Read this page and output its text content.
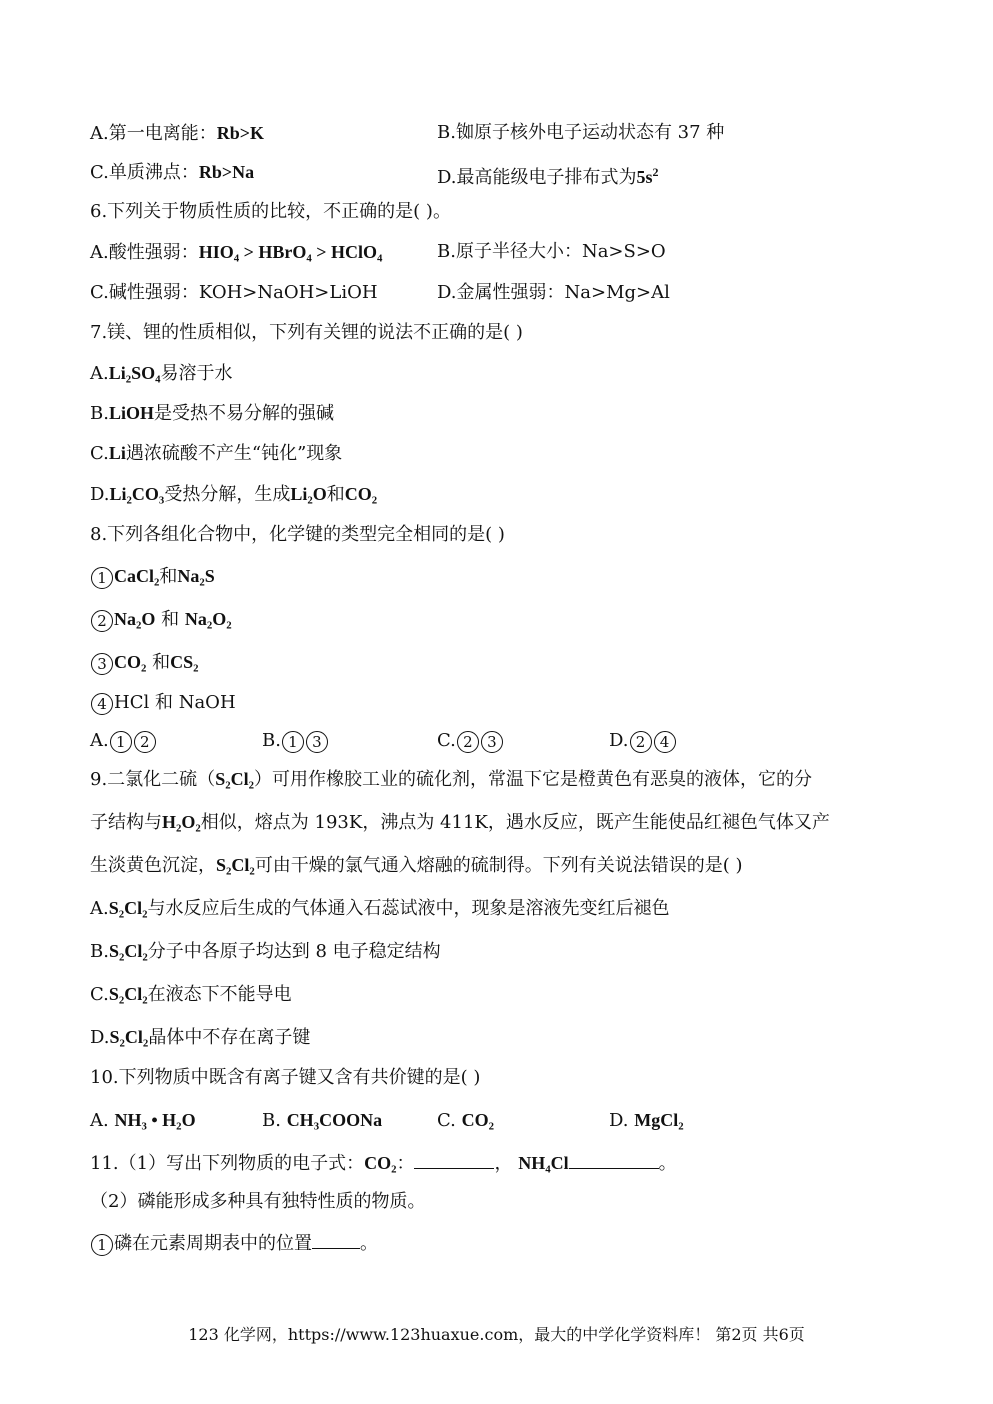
A.第一电离能：Rb>K	B.铷原子核外电子运动状态有 37 种
C.单质沸点：Rb>Na	D.最高能级电子排布式为$5s^2$
6.下列关于物质性质的比较，不正确的是( )。
A.酸性强弱：HIO₄ > HBrO₄ > HClO₄	B.原子半径大小：Na>S>O
C.碱性强弱：KOH>NaOH>LiOH	D.金属性强弱：Na>Mg>Al
7.镁、锂的性质相似，下列有关锂的说法不正确的是( )
A.Li₂SO₄易溶于水
B.LiOH是受热不易分解的强碱
C.Li遇浓硫酸不产生“钝化”现象
D.Li₂CO₃受热分解，生成Li₂O和CO₂
8.下列各组化合物中，化学键的类型完全相同的是( )
1 CaCl₂和Na₂S
2 Na₂O 和 Na₂O₂
3 CO₂ 和CS₂
4 HCl 和 NaOH
A. 1 2	B. 1 3	C. 2 3	D. 2 4
9.二氯化二硫（S₂Cl₂）可用作橡胶工业的硫化剂，常温下它是橙黄色有恶臭的液体，它的分
子结构与H₂O₂相似，熔点为 193K，沸点为 411K，遇水反应，既产生能使品红褪色气体又产
生淡黄色沉淀，S₂Cl₂可由干燥的氯气通入熔融的硫制得。下列有关说法错误的是( )
A.S₂Cl₂与水反应后生成的气体通入石蕊试液中，现象是溶液先变红后褪色
B.S₂Cl₂分子中各原子均达到 8 电子稳定结构
C.S₂Cl₂在液态下不能导电
D.S₂Cl₂晶体中不存在离子键
10.下列物质中既含有离子键又含有共价键的是( )
A. NH₃ • H₂O	B. CH₃COONa	C. CO₂	D. MgCl₂
11.（1）写出下列物质的电子式：CO₂：	， NH₄Cl	。
（2）磷能形成多种具有独特性质的物质。
1 磷在元素周期表中的位置	。
123 化学网，https://www.123huaxue.com，最大的中学化学资料库！ 第2页 共6页
